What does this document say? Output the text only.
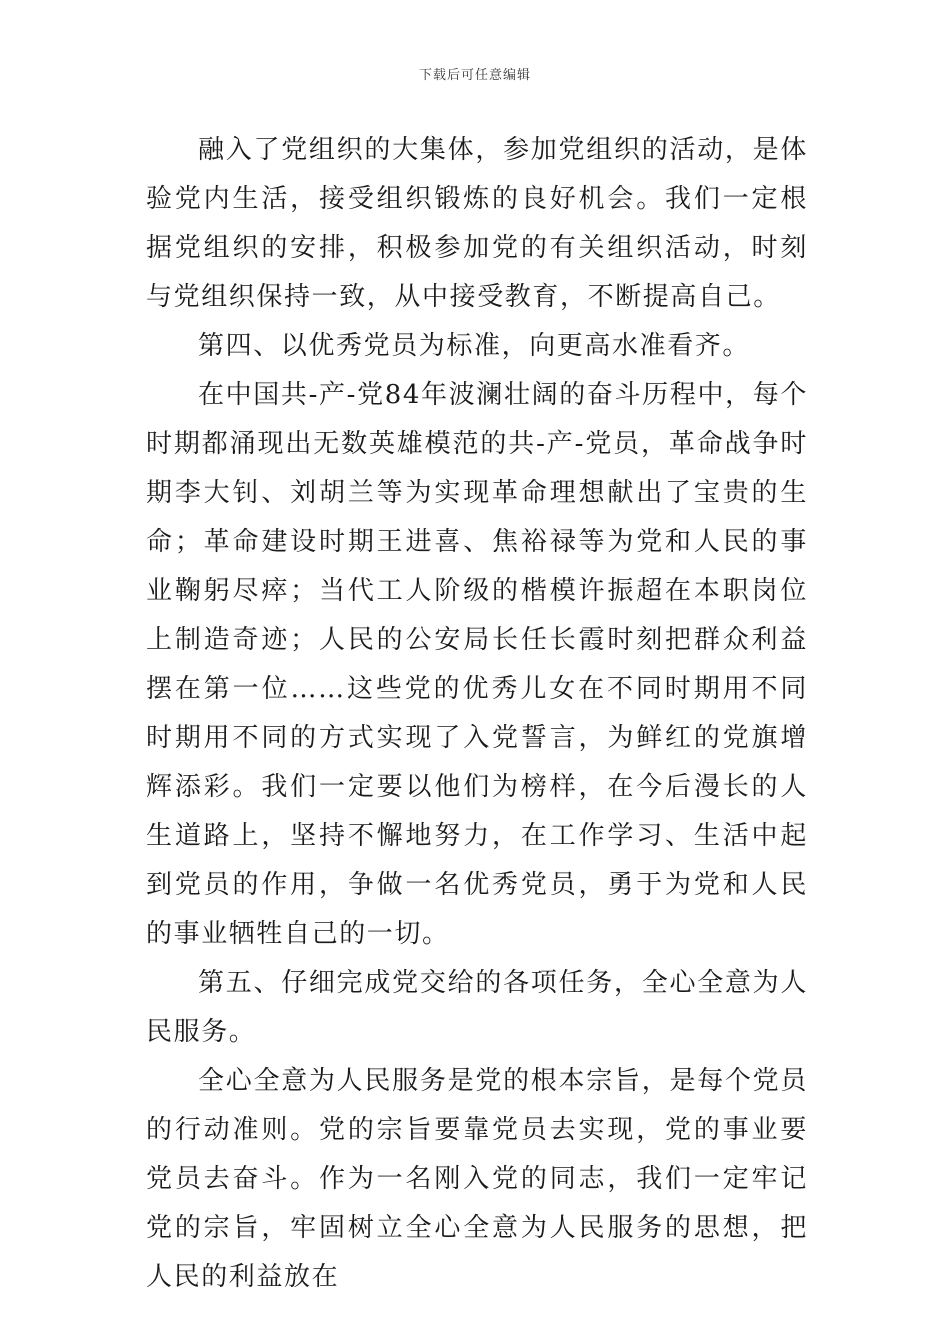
下载后可任意编辑

融入了党组织的大集体，参加党组织的活动，是体验党内生活，接受组织锻炼的良好机会。我们一定根据党组织的安排，积极参加党的有关组织活动，时刻与党组织保持一致，从中接受教育，不断提高自己。

第四、以优秀党员为标准，向更高水准看齐。

在中国共-产-党84年波澜壮阔的奋斗历程中，每个时期都涌现出无数英雄模范的共-产-党员，革命战争时期李大钊、刘胡兰等为实现革命理想献出了宝贵的生命；革命建设时期王进喜、焦裕禄等为党和人民的事业鞠躬尽瘁；当代工人阶级的楷模许振超在本职岗位上制造奇迹；人民的公安局长任长霞时刻把群众利益摆在第一位……这些党的优秀儿女在不同时期用不同时期用不同的方式实现了入党誓言，为鲜红的党旗增辉添彩。我们一定要以他们为榜样，在今后漫长的人生道路上，坚持不懈地努力，在工作学习、生活中起到党员的作用，争做一名优秀党员，勇于为党和人民的事业牺牲自己的一切。

第五、仔细完成党交给的各项任务，全心全意为人民服务。

全心全意为人民服务是党的根本宗旨，是每个党员的行动准则。党的宗旨要靠党员去实现，党的事业要党员去奋斗。作为一名刚入党的同志，我们一定牢记党的宗旨，牢固树立全心全意为人民服务的思想，把人民的利益放在
